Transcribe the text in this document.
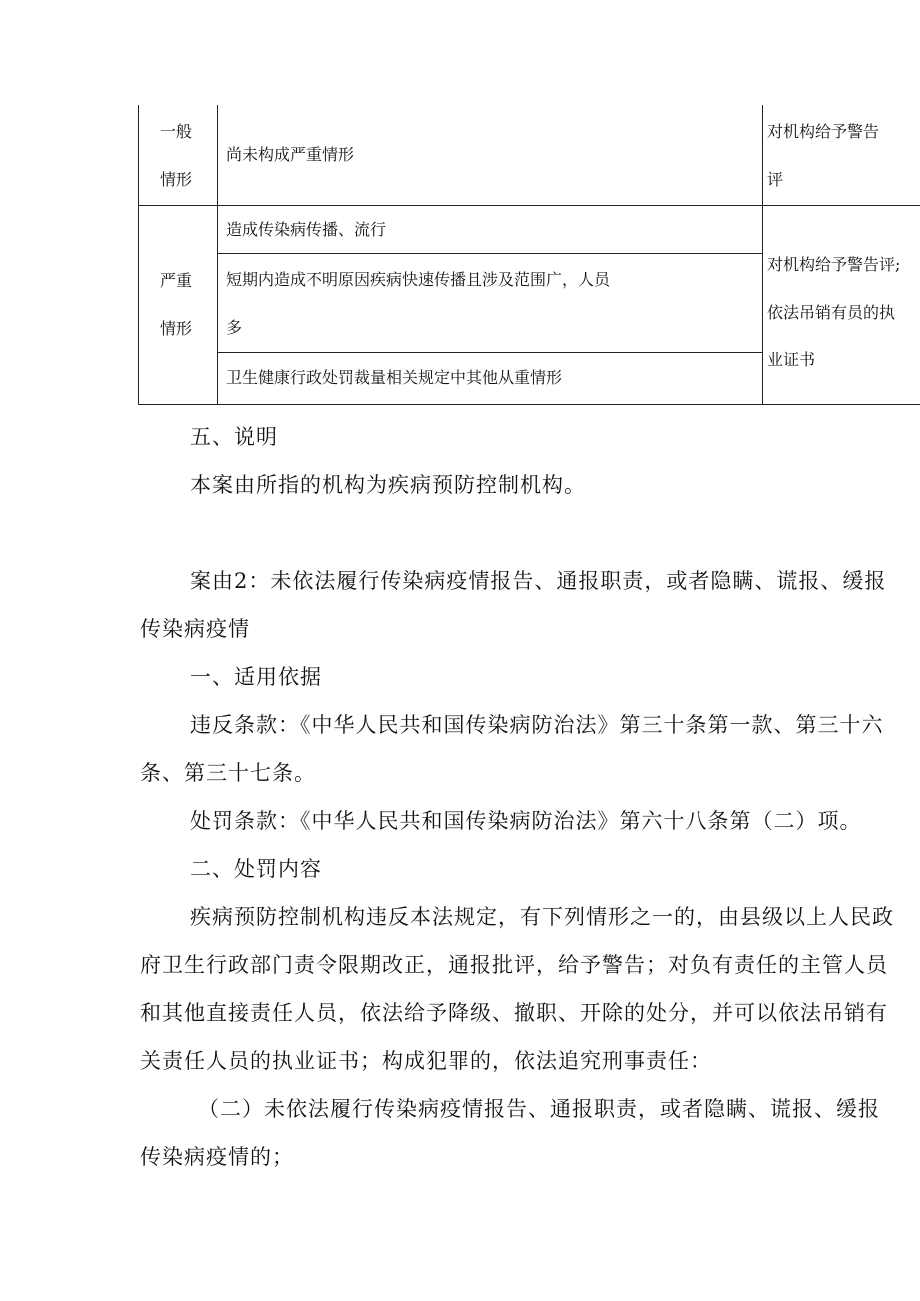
一般
情形
尚未构成严重情形
对机构给予警告
评
严重
情形
造成传染病传播、流行
短期内造成不明原因疾病快速传播且涉及范围广，人员
多
卫生健康行政处罚裁量相关规定中其他从重情形
对机构给予警告评;
依法吊销有员的执
业证书
五、说明
本案由所指的机构为疾病预防控制机构。
案由2：未依法履行传染病疫情报告、通报职责，或者隐瞒、谎报、缓报
传染病疫情
一、适用依据
违反条款：《中华人民共和国传染病防治法》第三十条第一款、第三十六
条、第三十七条。
处罚条款：《中华人民共和国传染病防治法》第六十八条第（二）项。
二、处罚内容
疾病预防控制机构违反本法规定，有下列情形之一的，由县级以上人民政
府卫生行政部门责令限期改正，通报批评，给予警告；对负有责任的主管人员
和其他直接责任人员，依法给予降级、撤职、开除的处分，并可以依法吊销有
关责任人员的执业证书；构成犯罪的，依法追究刑事责任：
（二）未依法履行传染病疫情报告、通报职责，或者隐瞒、谎报、缓报
传染病疫情的；
